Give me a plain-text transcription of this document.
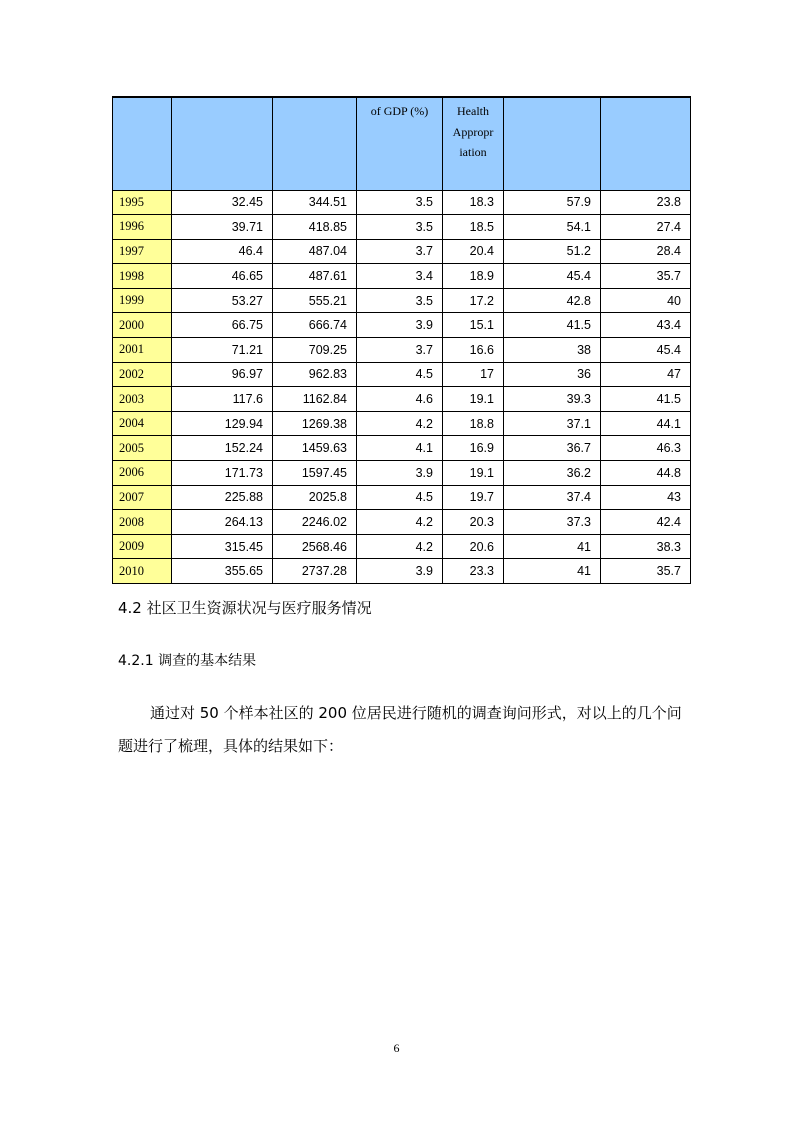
			of GDP (%)	Health Appropr iation		
1995	32.45	344.51	3.5	18.3	57.9	23.8
1996	39.71	418.85	3.5	18.5	54.1	27.4
1997	46.4	487.04	3.7	20.4	51.2	28.4
1998	46.65	487.61	3.4	18.9	45.4	35.7
1999	53.27	555.21	3.5	17.2	42.8	40
2000	66.75	666.74	3.9	15.1	41.5	43.4
2001	71.21	709.25	3.7	16.6	38	45.4
2002	96.97	962.83	4.5	17	36	47
2003	117.6	1162.84	4.6	19.1	39.3	41.5
2004	129.94	1269.38	4.2	18.8	37.1	44.1
2005	152.24	1459.63	4.1	16.9	36.7	46.3
2006	171.73	1597.45	3.9	19.1	36.2	44.8
2007	225.88	2025.8	4.5	19.7	37.4	43
2008	264.13	2246.02	4.2	20.3	37.3	42.4
2009	315.45	2568.46	4.2	20.6	41	38.3
2010	355.65	2737.28	3.9	23.3	41	35.7
4.2 社区卫生资源状况与医疗服务情况
4.2.1 调查的基本结果

通过对 50 个样本社区的 200 位居民进行随机的调查询问形式，对以上的几个问题进行了梳理，具体的结果如下：

6
